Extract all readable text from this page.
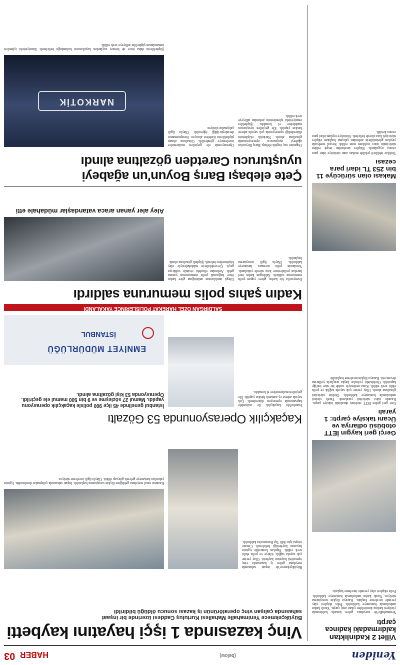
Yeniden
(below)
HABER
03
Villet 2 Kadınlıktan
kaldırmadaki kadınca çarptı
Yenimahalle'de meydana gelen kazada kaldırımda yürüyen kadına kontrolden çıkan araç çarptı. Yaralı kadın ambulansla hastaneye kaldırıldı. Polis ekipleri olay yerinde inceleme başlattı. Kazaya ilişkin soruşturma sürüyor. Yaralı kadın ambulansla hastaneye kaldırıldı. Polis ekipleri olay yerinde inceleme başlattı.
Gerçi geri kaygın İETT otobüsü odlarıya ve Ücanı takslye çarptı: 1 yaralı
Geri geri giden İETT otobüsü duraktaki taksiye çarptı. Kazada taksi sürücüsü yaralandı. Yaralı sürücü ambulansla hastaneye kaldırıldı. Otobüs sürücüsü gözaltına alındı. Olay yerine çok sayıda sağlık ve polis ekibi sevk edildi. Kaza nedeniyle cadde bir süre trafiğe kapatıldı. Otobüsteki yolcular başka araçlarla yollarına devam etti. Kazaya ilişkin inceleme başlatıldı.
Makası olan sürücüye 11 bin 253 TL idari para cezası
Trafikte tehlikeli şekilde makas atan sürücüye idari para cezası uygulandı. Ekipler tarafından tespit edilen sürücünün aracı trafikten men edildi. Sosyal medyada yayılan görüntülerin ardından çalışma başlatan ekipler sürücüyü kısa sürede belirledi. Sürücüye toplam idari para cezası kesildi.
Vinç kazasında 1 işçi hayatını kaybetti
Büyükçekmece Yenimahalle Mahallesi Kurtuluş Caddesi üzerinde bir inşaat sahasında çalışan vinç operatörünün iş kazası sonucu öldüğü bildirildi
Büyükçekmece'de inşaat sahasında meydana gelen iş kazasında vinç operatörü hayatını kaybetti. Olay yerine çok sayıda sağlık, itfaiye ve polis ekibi sevk edildi. Yapılan kontrolde işçinin hayatını kaybettiği belirlendi. Cenaze otopsi için Adli Tıp Kurumu'na kaldırıldı.
Kazanın nasıl meydana geldiğine ilişkin soruşturma başlatıldı. İnşaat sahasında çalışmalar durduruldu. İşçinin yakınları hastaneye gelerek gözyaşı döktü. Olayla ilgili inceleme sürüyor.
Kaçakçılık Operasyonunda 53 Gözaltı
İstanbul genelinde 45 ilçe 900 polisle kaçakçılık operasyonu yapıldı. Mamul 27 sözleşme ve 9 bin 500 mamul ele geçirildi. Operasyonda 53 kişi gözaltına alındı.
İstanbul'da kaçakçılık ile mücadele kapsamında operasyon düzenlendi. Çok sayıda adrese eş zamanlı baskın yapıldı. Ele geçirilen malzemelere el konuldu.
EMNİYET MÜDÜRLÜĞÜ
İSTANBUL
SALDIRGAN ÖZEL HAREKAT POLİSLERİNCE YAKALANDI
Kadın şahıs polis memuruna saldırdı
Esenyurt'ta bir kadın, görev yapan polis memuruna saldırdı. Saldırgan kadın özel harekat polislerince kısa sürede yakalandı. Yaralanan polis memuru hastaneye kaldırıldı. Olayla ilgili soruşturma başlatıldı.
Görgü tanıklarının anlattığına göre kadın önce bağırarak polis memurunun yanına geldi. Ardından elindeki cisimle saldırıya geçti. Çevredekilerin müdahalesiyle olay büyümeden önlendi. Şüpheli gözaltına alındı.
Aley aler yanan araca vatandaşlar müdahale etti
Çete elebaşı Barış Boyun'un ağabeyi
uyuşturucu Caretden gözaltına alındı
Organize suç örgütü elebaşı Barış Boyun'un ağabeyi uyuşturucu operasyonunda gözaltına alındı. Narkotik ekiplerinin düzenlediği operasyonda çok sayıda adrese baskın yapıldı. Ele geçirilen uyuşturucu maddelere el konuldu. Şüpheliler emniyetteki işlemlerinin ardından adliyeye sevk edildi.
Operasyonda ele geçirilen malzemeler incelemeye gönderildi. Gözaltına alınan şüphelilerin ifadeleri alınıyor. Soruşturmanın derinleştirildiği öğrenildi. Olayla ilgili çalışmalar sürüyor.
NARKOTİK
Şüphelilerin daha önce de benzer suçlardan kayıtlarının bulunduğu belirlendi. Emniyetteki işlemleri tamamlanan şüpheliler adliyeye sevk edildi.
